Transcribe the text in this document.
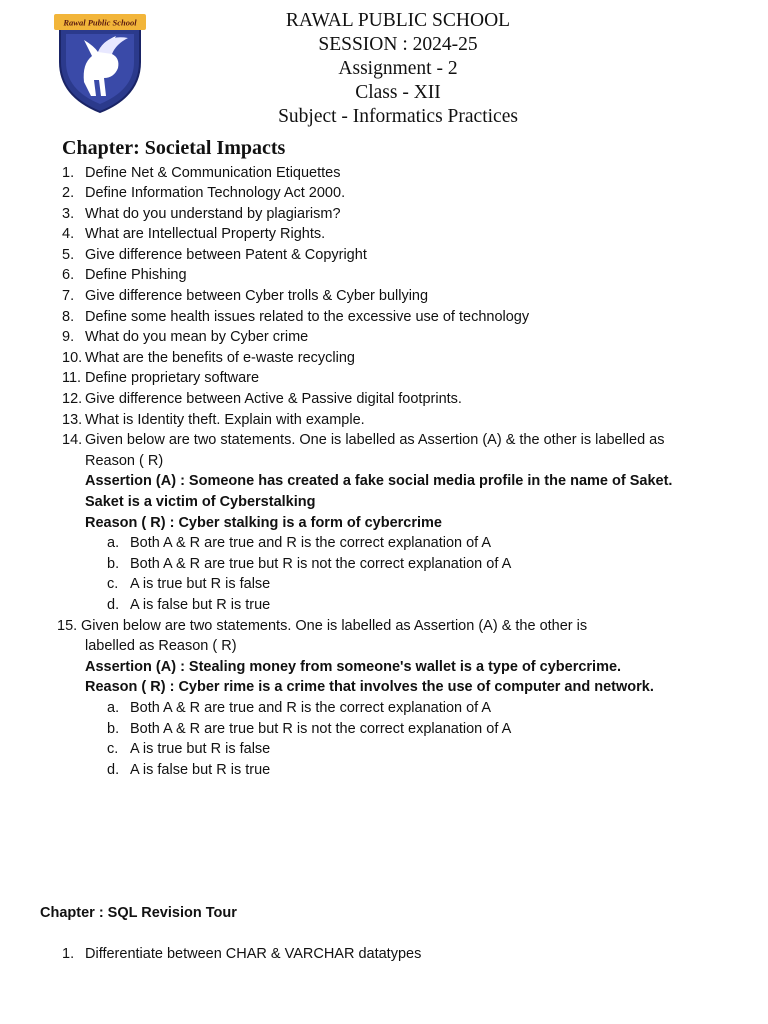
Rawal Public School	RAWAL PUBLIC SCHOOL
SESSION : 2024-25
Assignment - 2
Class - XII
Subject - Informatics Practices
Chapter: Societal Impacts
1. Define Net & Communication Etiquettes
2. Define Information Technology Act 2000.
3. What do you understand by plagiarism?
4. What are Intellectual Property Rights.
5. Give difference between Patent & Copyright
6. Define Phishing
7. Give difference between Cyber trolls & Cyber bullying
8. Define some health issues related to the excessive use of technology
9. What do you mean by Cyber crime
10. What are the benefits of e-waste recycling
11. Define proprietary software
12. Give difference between Active & Passive digital footprints.
13. What is Identity theft. Explain with example.
14. Given below are two statements. One is labelled as Assertion (A) & the other is labelled as
Reason ( R)
Assertion (A) : Someone has created a fake social media profile in the name of Saket.
Saket is a victim of Cyberstalking
Reason ( R) : Cyber stalking is a form of cybercrime
a. Both A & R are true and R is the correct explanation of A
b. Both A & R are true but R is not the correct explanation of A
c. A is true but R is false
d. A is false but R is true
15. Given below are two statements. One is labelled as Assertion (A) & the other is
labelled as Reason ( R)
Assertion (A) : Stealing money from someone's wallet is a type of cybercrime.
Reason ( R) : Cyber rime is a crime that involves the use of computer and network.
a. Both A & R are true and R is the correct explanation of A
b. Both A & R are true but R is not the correct explanation of A
c. A is true but R is false
d. A is false but R is true
Chapter : SQL Revision Tour
1. Differentiate between CHAR & VARCHAR datatypes
